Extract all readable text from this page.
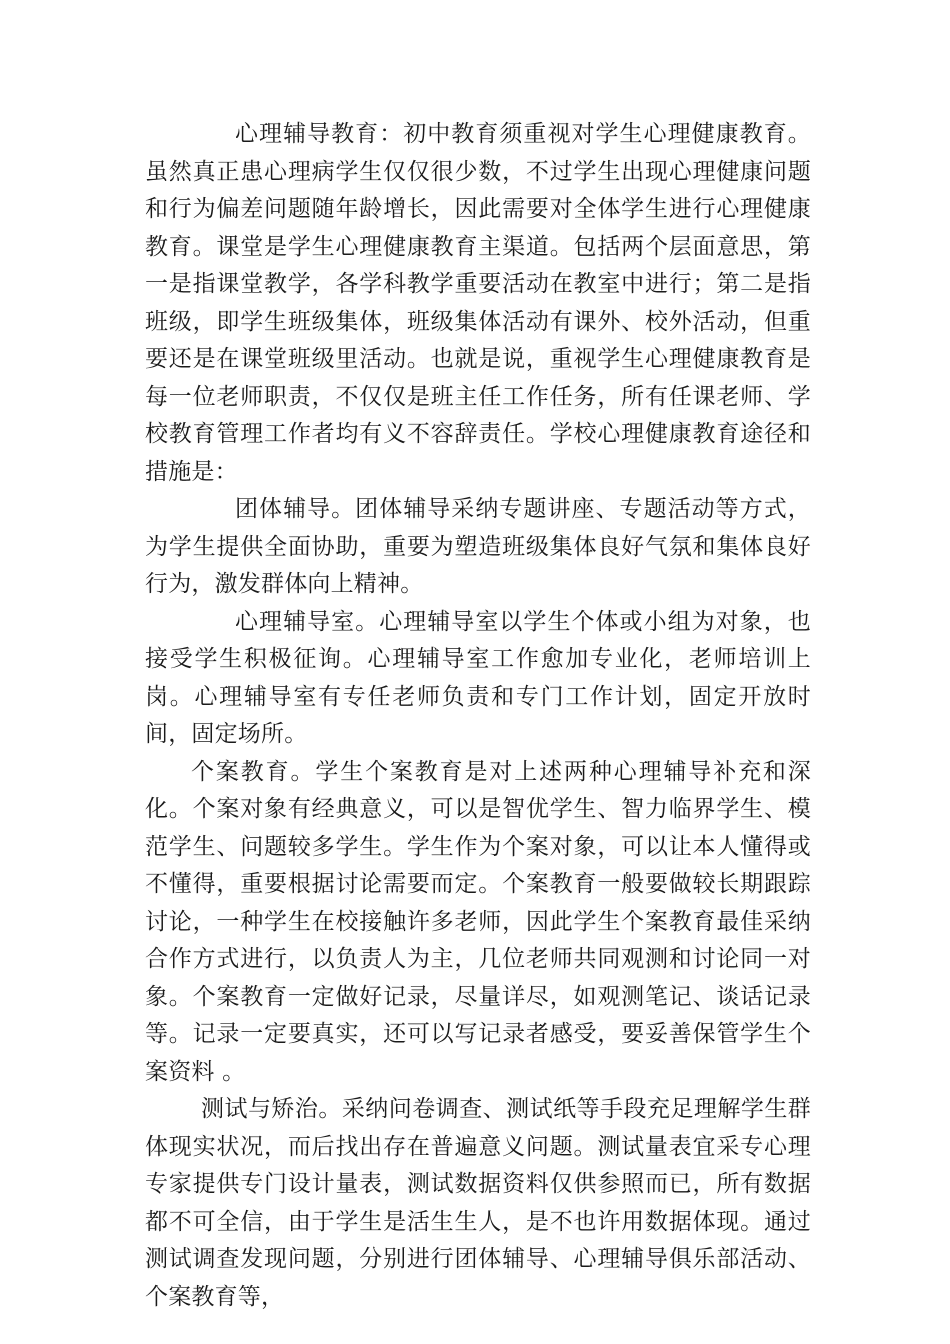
心理辅导教育：初中教育须重视对学生心理健康教育。虽然真正患心理病学生仅仅很少数，不过学生出现心理健康问题和行为偏差问题随年龄增长，因此需要对全体学生进行心理健康教育。课堂是学生心理健康教育主渠道。包括两个层面意思，第一是指课堂教学，各学科教学重要活动在教室中进行；第二是指班级，即学生班级集体，班级集体活动有课外、校外活动，但重要还是在课堂班级里活动。也就是说，重视学生心理健康教育是每一位老师职责，不仅仅是班主任工作任务，所有任课老师、学校教育管理工作者均有义不容辞责任。学校心理健康教育途径和措施是：

团体辅导。团体辅导采纳专题讲座、专题活动等方式，为学生提供全面协助，重要为塑造班级集体良好气氛和集体良好行为，激发群体向上精神。

心理辅导室。心理辅导室以学生个体或小组为对象，也接受学生积极征询。心理辅导室工作愈加专业化，老师培训上岗。心理辅导室有专任老师负责和专门工作计划，固定开放时间，固定场所。

个案教育。学生个案教育是对上述两种心理辅导补充和深化。个案对象有经典意义，可以是智优学生、智力临界学生、模范学生、问题较多学生。学生作为个案对象，可以让本人懂得或不懂得，重要根据讨论需要而定。个案教育一般要做较长期跟踪讨论，一种学生在校接触许多老师，因此学生个案教育最佳采纳合作方式进行，以负责人为主，几位老师共同观测和讨论同一对象。个案教育一定做好记录，尽量详尽，如观测笔记、谈话记录等。记录一定要真实，还可以写记录者感受，要妥善保管学生个案资料 。

测试与矫治。采纳问卷调查、测试纸等手段充足理解学生群体现实状况，而后找出存在普遍意义问题。测试量表宜采专心理专家提供专门设计量表，测试数据资料仅供参照而已，所有数据都不可全信，由于学生是活生生人，是不也许用数据体现。通过测试调查发现问题，分别进行团体辅导、心理辅导俱乐部活动、个案教育等，
